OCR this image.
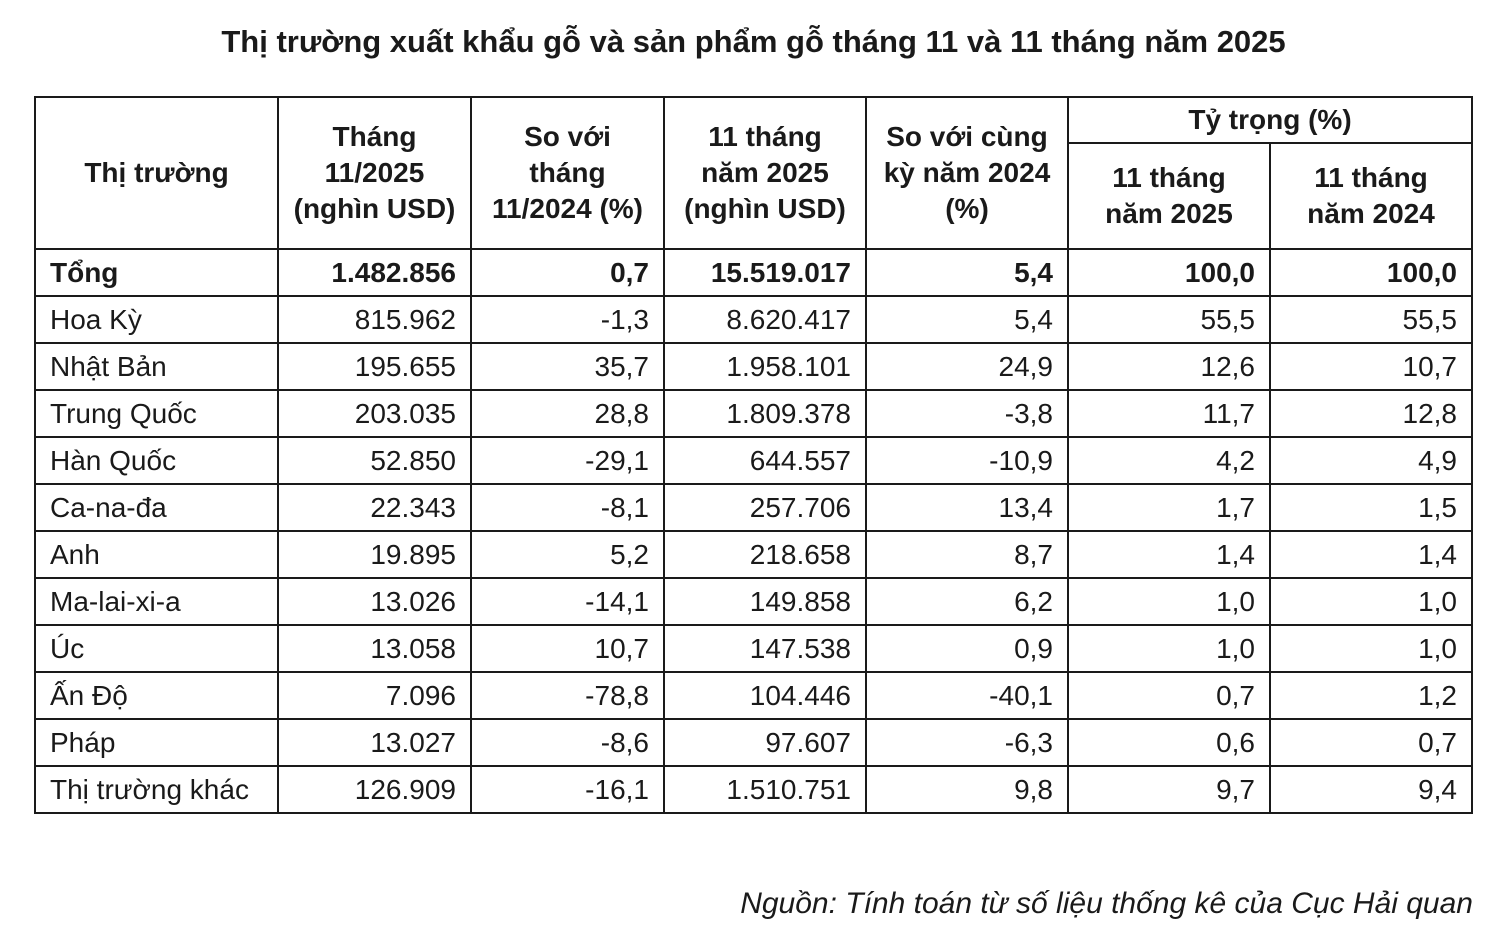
Thị trường xuất khẩu gỗ và sản phẩm gỗ tháng 11 và 11 tháng năm 2025
Thị trường	Tháng 11/2025 (nghìn USD)	So với tháng 11/2024 (%)	11 tháng năm 2025 (nghìn USD)	So với cùng kỳ năm 2024 (%)	Tỷ trọng (%)	
					11 tháng năm 2025	11 tháng năm 2024
Tổng	1.482.856	0,7	15.519.017	5,4	100,0	100,0
Hoa Kỳ	815.962	-1,3	8.620.417	5,4	55,5	55,5
Nhật Bản	195.655	35,7	1.958.101	24,9	12,6	10,7
Trung Quốc	203.035	28,8	1.809.378	-3,8	11,7	12,8
Hàn Quốc	52.850	-29,1	644.557	-10,9	4,2	4,9
Ca-na-đa	22.343	-8,1	257.706	13,4	1,7	1,5
Anh	19.895	5,2	218.658	8,7	1,4	1,4
Ma-lai-xi-a	13.026	-14,1	149.858	6,2	1,0	1,0
Úc	13.058	10,7	147.538	0,9	1,0	1,0
Ấn Độ	7.096	-78,8	104.446	-40,1	0,7	1,2
Pháp	13.027	-8,6	97.607	-6,3	0,6	0,7
Thị trường khác	126.909	-16,1	1.510.751	9,8	9,7	9,4
Nguồn: Tính toán từ số liệu thống kê của Cục Hải quan
